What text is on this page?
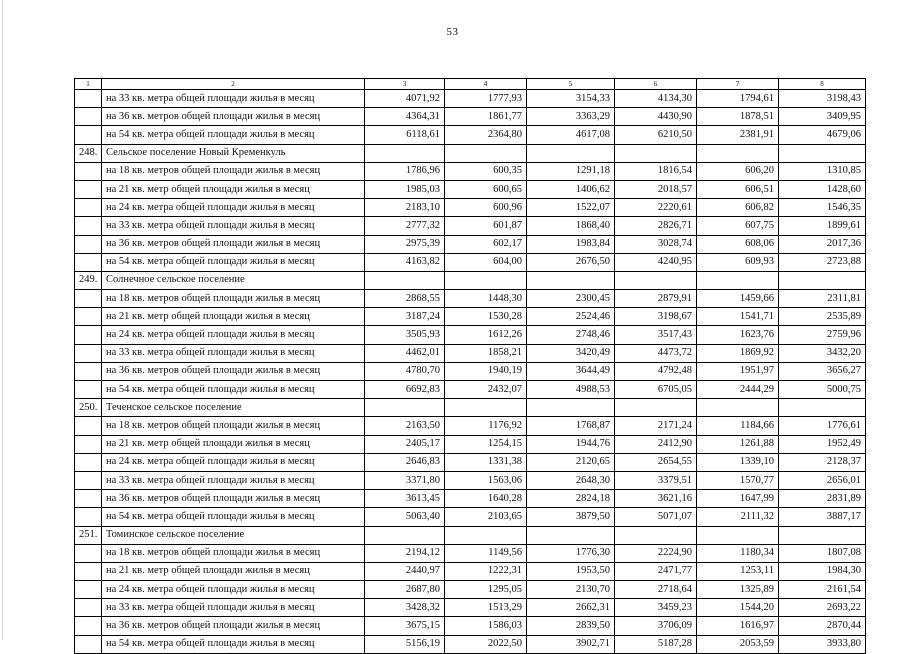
53
1	2	3	4	5	6	7	8
	на 33 кв. метра общей площади жилья в месяц	4071,92	1777,93	3154,33	4134,30	1794,61	3198,43
	на 36 кв. метров общей площади жилья в месяц	4364,31	1861,77	3363,29	4430,90	1878,51	3409,95
	на 54 кв. метра общей площади жилья в месяц	6118,61	2364,80	4617,08	6210,50	2381,91	4679,06
248.	Сельское поселение Новый Кременкуль						
	на 18 кв. метров общей площади жилья в месяц	1786,96	600,35	1291,18	1816,54	606,20	1310,85
	на 21 кв. метр общей площади жилья в месяц	1985,03	600,65	1406,62	2018,57	606,51	1428,60
	на 24 кв. метра общей площади жилья в месяц	2183,10	600,96	1522,07	2220,61	606,82	1546,35
	на 33 кв. метра общей площади жилья в месяц	2777,32	601,87	1868,40	2826,71	607,75	1899,61
	на 36 кв. метров общей площади жилья в месяц	2975,39	602,17	1983,84	3028,74	608,06	2017,36
	на 54 кв. метра общей площади жилья в месяц	4163,82	604,00	2676,50	4240,95	609,93	2723,88
249.	Солнечное сельское поселение						
	на 18 кв. метров общей площади жилья в месяц	2868,55	1448,30	2300,45	2879,91	1459,66	2311,81
	на 21 кв. метр общей площади жилья в месяц	3187,24	1530,28	2524,46	3198,67	1541,71	2535,89
	на 24 кв. метра общей площади жилья в месяц	3505,93	1612,26	2748,46	3517,43	1623,76	2759,96
	на 33 кв. метра общей площади жилья в месяц	4462,01	1858,21	3420,49	4473,72	1869,92	3432,20
	на 36 кв. метров общей площади жилья в месяц	4780,70	1940,19	3644,49	4792,48	1951,97	3656,27
	на 54 кв. метра общей площади жилья в месяц	6692,83	2432,07	4988,53	6705,05	2444,29	5000,75
250.	Теченское сельское поселение						
	на 18 кв. метров общей площади жилья в месяц	2163,50	1176,92	1768,87	2171,24	1184,66	1776,61
	на 21 кв. метр общей площади жилья в месяц	2405,17	1254,15	1944,76	2412,90	1261,88	1952,49
	на 24 кв. метра общей площади жилья в месяц	2646,83	1331,38	2120,65	2654,55	1339,10	2128,37
	на 33 кв. метра общей площади жилья в месяц	3371,80	1563,06	2648,30	3379,51	1570,77	2656,01
	на 36 кв. метров общей площади жилья в месяц	3613,45	1640,28	2824,18	3621,16	1647,99	2831,89
	на 54 кв. метра общей площади жилья в месяц	5063,40	2103,65	3879,50	5071,07	2111,32	3887,17
251.	Томинское сельское поселение						
	на 18 кв. метров общей площади жилья в месяц	2194,12	1149,56	1776,30	2224,90	1180,34	1807,08
	на 21 кв. метр общей площади жилья в месяц	2440,97	1222,31	1953,50	2471,77	1253,11	1984,30
	на 24 кв. метра общей площади жилья в месяц	2687,80	1295,05	2130,70	2718,64	1325,89	2161,54
	на 33 кв. метра общей площади жилья в месяц	3428,32	1513,29	2662,31	3459,23	1544,20	2693,22
	на 36 кв. метров общей площади жилья в месяц	3675,15	1586,03	2839,50	3706,09	1616,97	2870,44
	на 54 кв. метра общей площади жилья в месяц	5156,19	2022,50	3902,71	5187,28	2053,59	3933,80
